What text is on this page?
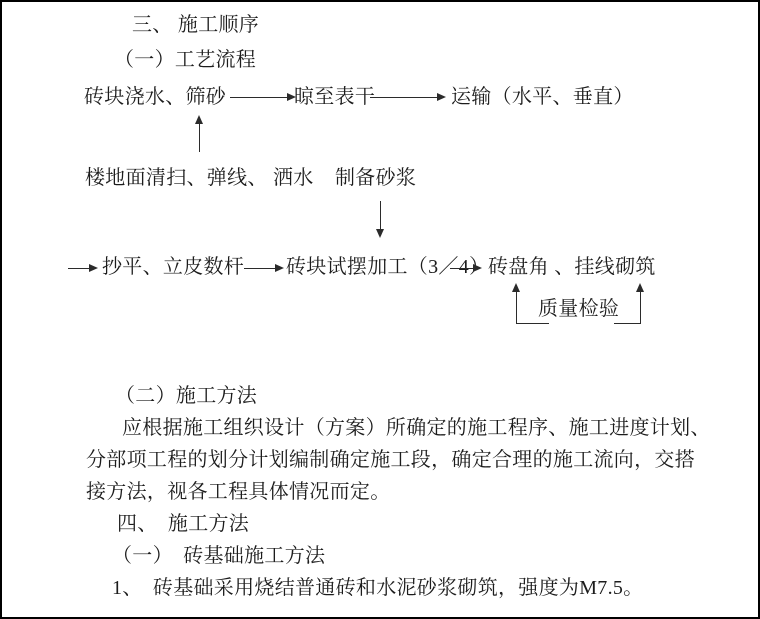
三、 施工顺序
（一）工艺流程
砖块浇水、筛砂	晾至表干	运输（水平、垂直）
楼地面清扫、弹线、 洒水 制备砂浆
抄平、立皮数杆 砖块试摆加工（3／4）
砖盘角 、挂线砌筑
质量检验
（二）施工方法
应根据施工组织设计（方案）所确定的施工程序、施工进度计划、
分部项工程的划分计划编制确定施工段，确定合理的施工流向，交搭
接方法，视各工程具体情况而定。
四、　施工方法
（一）　砖基础施工方法
1、　砖基础采用烧结普通砖和水泥砂浆砌筑，强度为M7.5。
